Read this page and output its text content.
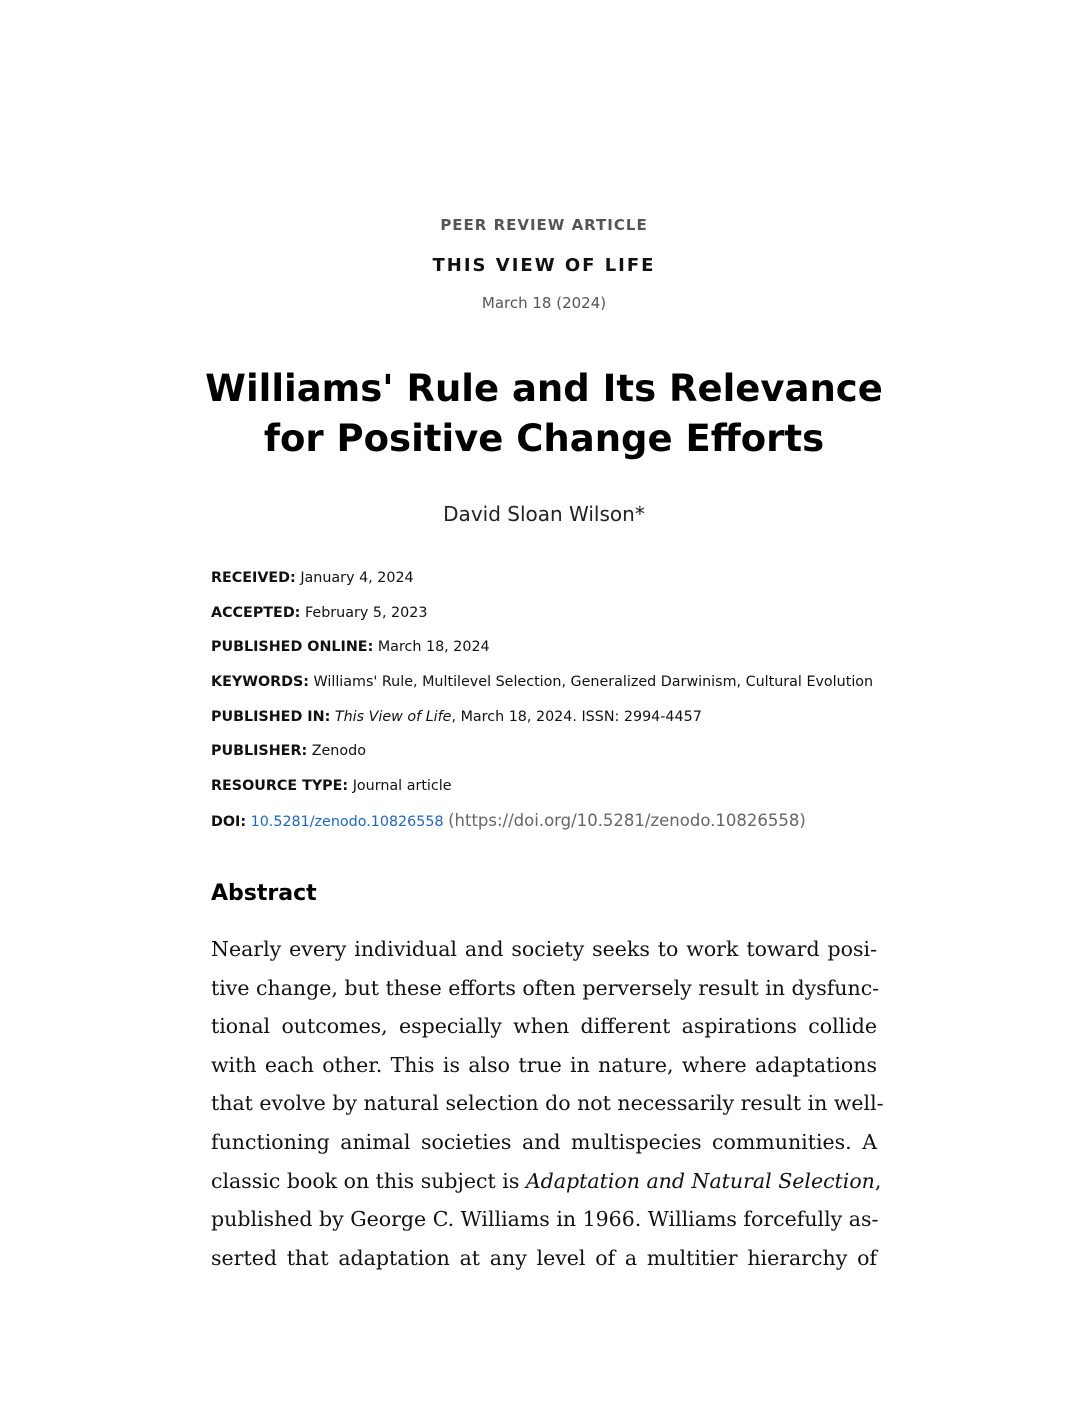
PEER REVIEW ARTICLE
THIS VIEW OF LIFE
March 18 (2024)
Williams' Rule and Its Relevance
for Positive Change Efforts
David Sloan Wilson*
RECEIVED: January 4, 2024
ACCEPTED: February 5, 2023
PUBLISHED ONLINE: March 18, 2024
KEYWORDS: Williams' Rule, Multilevel Selection, Generalized Darwinism, Cultural Evolution
PUBLISHED IN: This View of Life, March 18, 2024. ISSN: 2994-4457
PUBLISHER: Zenodo
RESOURCE TYPE: Journal article
DOI: 10.5281/zenodo.10826558 (https://doi.org/10.5281/zenodo.10826558)
Abstract
Nearly every individual and society seeks to work toward posi-
tive change, but these efforts often perversely result in dysfunc-
tional outcomes, especially when different aspirations collide
with each other. This is also true in nature, where adaptations
that evolve by natural selection do not necessarily result in well-
functioning animal societies and multispecies communities. A
classic book on this subject is Adaptation and Natural Selection,
published by George C. Williams in 1966. Williams forcefully as-
serted that adaptation at any level of a multitier hierarchy of
